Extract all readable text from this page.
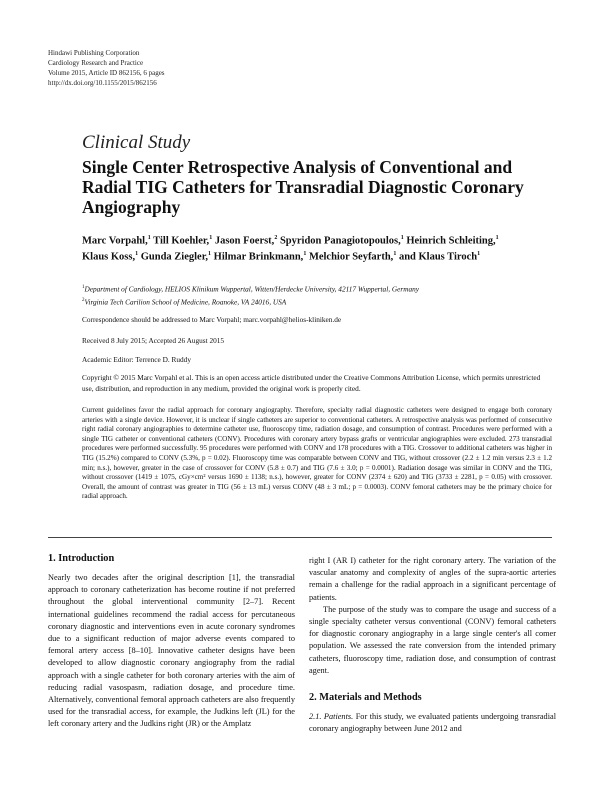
Hindawi Publishing Corporation
Cardiology Research and Practice
Volume 2015, Article ID 862156, 6 pages
http://dx.doi.org/10.1155/2015/862156
Clinical Study
Single Center Retrospective Analysis of Conventional and Radial TIG Catheters for Transradial Diagnostic Coronary Angiography
Marc Vorpahl,$^1$ Till Koehler,$^1$ Jason Foerst,$^2$ Spyridon Panagiotopoulos,$^1$ Heinrich Schleiting,$^1$ Klaus Koss,$^1$ Gunda Ziegler,$^1$ Hilmar Brinkmann,$^1$ Melchior Seyfarth,$^1$ and Klaus Tiroch$^1$
$^1$Department of Cardiology, HELIOS Klinikum Wuppertal, Witten/Herdecke University, 42117 Wuppertal, Germany
$^2$Virginia Tech Carilion School of Medicine, Roanoke, VA 24016, USA
Correspondence should be addressed to Marc Vorpahl; marc.vorpahl@helios-kliniken.de
Received 8 July 2015; Accepted 26 August 2015
Academic Editor: Terrence D. Ruddy
Copyright © 2015 Marc Vorpahl et al. This is an open access article distributed under the Creative Commons Attribution License, which permits unrestricted use, distribution, and reproduction in any medium, provided the original work is properly cited.
Current guidelines favor the radial approach for coronary angiography. Therefore, specialty radial diagnostic catheters were designed to engage both coronary arteries with a single device. However, it is unclear if single catheters are superior to conventional catheters. A retrospective analysis was performed of consecutive right radial coronary angiographies to determine catheter use, fluoroscopy time, radiation dosage, and consumption of contrast. Procedures were performed with a single TIG catheter or conventional catheters (CONV). Procedures with coronary artery bypass grafts or ventricular angiographies were excluded. 273 transradial procedures were performed successfully. 95 procedures were performed with CONV and 178 procedures with a TIG. Crossover to additional catheters was higher in TIG (15.2%) compared to CONV (5.3%, p = 0.02). Fluoroscopy time was comparable between CONV and TIG, without crossover (2.2 ± 1.2 min versus 2.3 ± 1.2 min; n.s.), however, greater in the case of crossover for CONV (5.8 ± 0.7) and TIG (7.6 ± 3.0; p = 0.0001). Radiation dosage was similar in CONV and the TIG, without crossover (1419 ± 1075, cGy×cm² versus 1690 ± 1138; n.s.), however, greater for CONV (2374 ± 620) and TIG (3733 ± 2281, p = 0.05) with crossover. Overall, the amount of contrast was greater in TIG (56 ± 13 mL) versus CONV (48 ± 3 mL; p = 0.0003). CONV femoral catheters may be the primary choice for radial approach.
1. Introduction

Nearly two decades after the original description [1], the transradial approach to coronary catheterization has become routine if not preferred throughout the global interventional community [2–7]. Recent international guidelines recommend the radial access for percutaneous coronary diagnostic and interventions even in acute coronary syndromes due to a significant reduction of major adverse events compared to femoral artery access [8–10]. Innovative catheter designs have been developed to allow diagnostic coronary angiography from the radial approach with a single catheter for both coronary arteries with the aim of reducing radial vasospasm, radiation dosage, and procedure time. Alternatively, conventional femoral approach catheters are also frequently used for the transradial access, for example, the Judkins left (JL) for the left coronary artery and the Judkins right (JR) or the Amplatz

right I (AR I) catheter for the right coronary artery. The variation of the vascular anatomy and complexity of angles of the supra-aortic arteries remain a challenge for the radial approach in a significant percentage of patients.

The purpose of the study was to compare the usage and success of a single specialty catheter versus conventional (CONV) femoral catheters for diagnostic coronary angiography in a large single center's all comer population. We assessed the rate conversion from the intended primary catheters, fluoroscopy time, radiation dose, and consumption of contrast agent.

2. Materials and Methods

2.1. Patients. For this study, we evaluated patients undergoing transradial coronary angiography between June 2012 and
